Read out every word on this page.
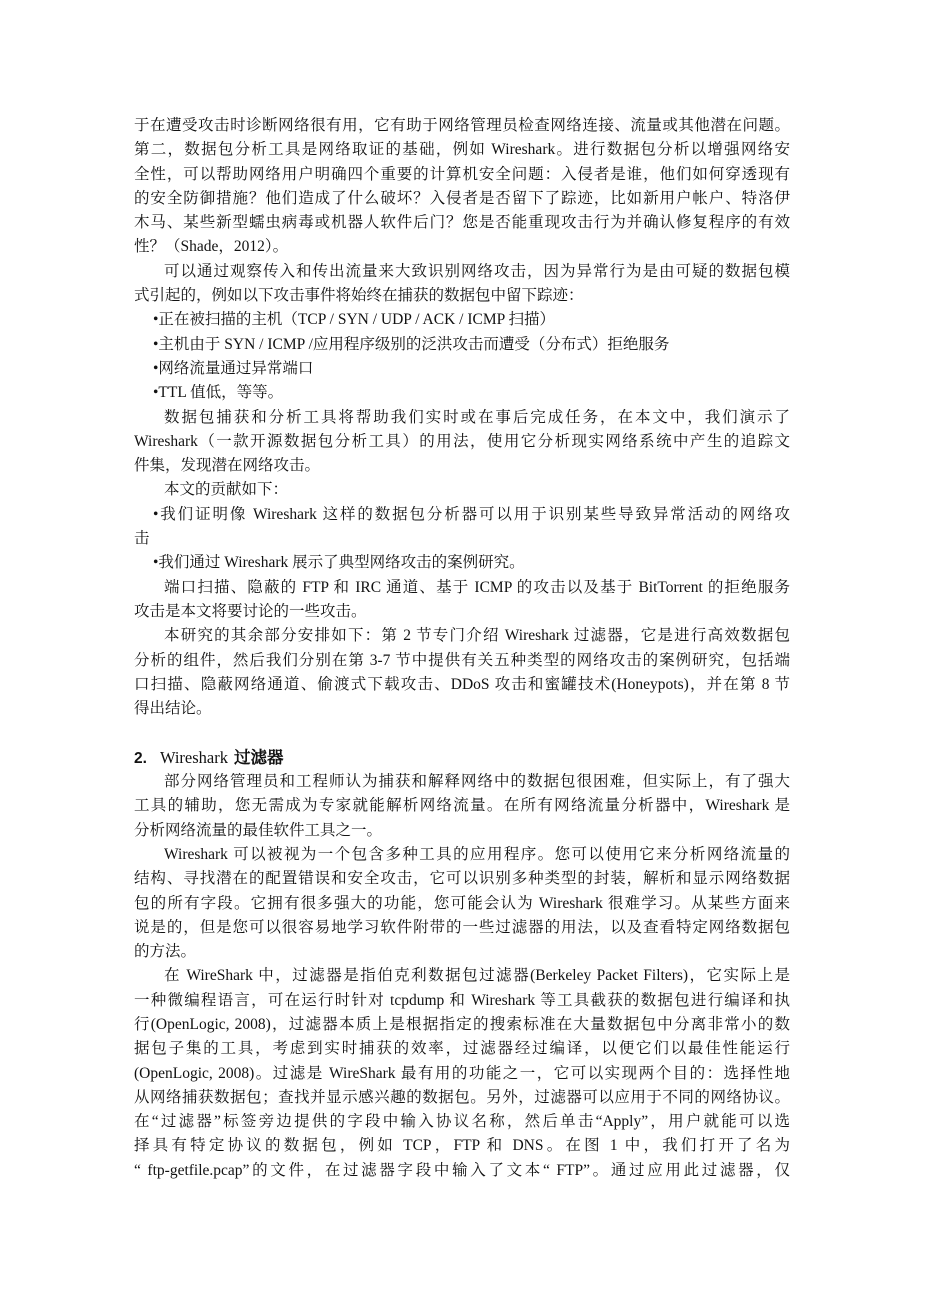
于在遭受攻击时诊断网络很有用，它有助于网络管理员检查网络连接、流量或其他潜在问题。
第二，数据包分析工具是网络取证的基础，例如 Wireshark。进行数据包分析以增强网络安
全性，可以帮助网络用户明确四个重要的计算机安全问题：入侵者是谁，他们如何穿透现有
的安全防御措施？他们造成了什么破坏？入侵者是否留下了踪迹，比如新用户帐户、特洛伊
木马、某些新型蠕虫病毒或机器人软件后门？您是否能重现攻击行为并确认修复程序的有效
性？（Shade，2012）。
可以通过观察传入和传出流量来大致识别网络攻击，因为异常行为是由可疑的数据包模
式引起的，例如以下攻击事件将始终在捕获的数据包中留下踪迹：
•正在被扫描的主机（TCP / SYN / UDP / ACK / ICMP 扫描）
•主机由于 SYN / ICMP /应用程序级别的泛洪攻击而遭受（分布式）拒绝服务
•网络流量通过异常端口
•TTL 值低，等等。
数据包捕获和分析工具将帮助我们实时或在事后完成任务，在本文中，我们演示了
Wireshark（一款开源数据包分析工具）的用法，使用它分析现实网络系统中产生的追踪文
件集，发现潜在网络攻击。
本文的贡献如下：
•我们证明像 Wireshark 这样的数据包分析器可以用于识别某些导致异常活动的网络攻
击
•我们通过 Wireshark 展示了典型网络攻击的案例研究。
端口扫描、隐蔽的 FTP 和 IRC 通道、基于 ICMP 的攻击以及基于 BitTorrent 的拒绝服务
攻击是本文将要讨论的一些攻击。
本研究的其余部分安排如下：第 2 节专门介绍 Wireshark 过滤器，它是进行高效数据包
分析的组件，然后我们分别在第 3-7 节中提供有关五种类型的网络攻击的案例研究，包括端
口扫描、隐蔽网络通道、偷渡式下载攻击、DDoS 攻击和蜜罐技术(Honeypots)，并在第 8 节
得出结论。
2. Wireshark 过滤器
部分网络管理员和工程师认为捕获和解释网络中的数据包很困难，但实际上，有了强大
工具的辅助，您无需成为专家就能解析网络流量。在所有网络流量分析器中，Wireshark 是
分析网络流量的最佳软件工具之一。
Wireshark 可以被视为一个包含多种工具的应用程序。您可以使用它来分析网络流量的
结构、寻找潜在的配置错误和安全攻击，它可以识别多种类型的封装，解析和显示网络数据
包的所有字段。它拥有很多强大的功能，您可能会认为 Wireshark 很难学习。从某些方面来
说是的，但是您可以很容易地学习软件附带的一些过滤器的用法，以及查看特定网络数据包
的方法。
在 WireShark 中，过滤器是指伯克利数据包过滤器(Berkeley Packet Filters)，它实际上是
一种微编程语言，可在运行时针对 tcpdump 和 Wireshark 等工具截获的数据包进行编译和执
行(OpenLogic, 2008)，过滤器本质上是根据指定的搜索标准在大量数据包中分离非常小的数
据包子集的工具，考虑到实时捕获的效率，过滤器经过编译，以便它们以最佳性能运行
(OpenLogic, 2008)。过滤是 WireShark 最有用的功能之一，它可以实现两个目的：选择性地
从网络捕获数据包；查找并显示感兴趣的数据包。另外，过滤器可以应用于不同的网络协议。
在“过滤器”标签旁边提供的字段中输入协议名称，然后单击“Apply”，用户就能可以选
择具有特定协议的数据包，例如 TCP，FTP 和 DNS。在图 1 中，我们打开了名为
“ ftp-getfile.pcap”的文件，在过滤器字段中输入了文本“ FTP”。通过应用此过滤器，仅
